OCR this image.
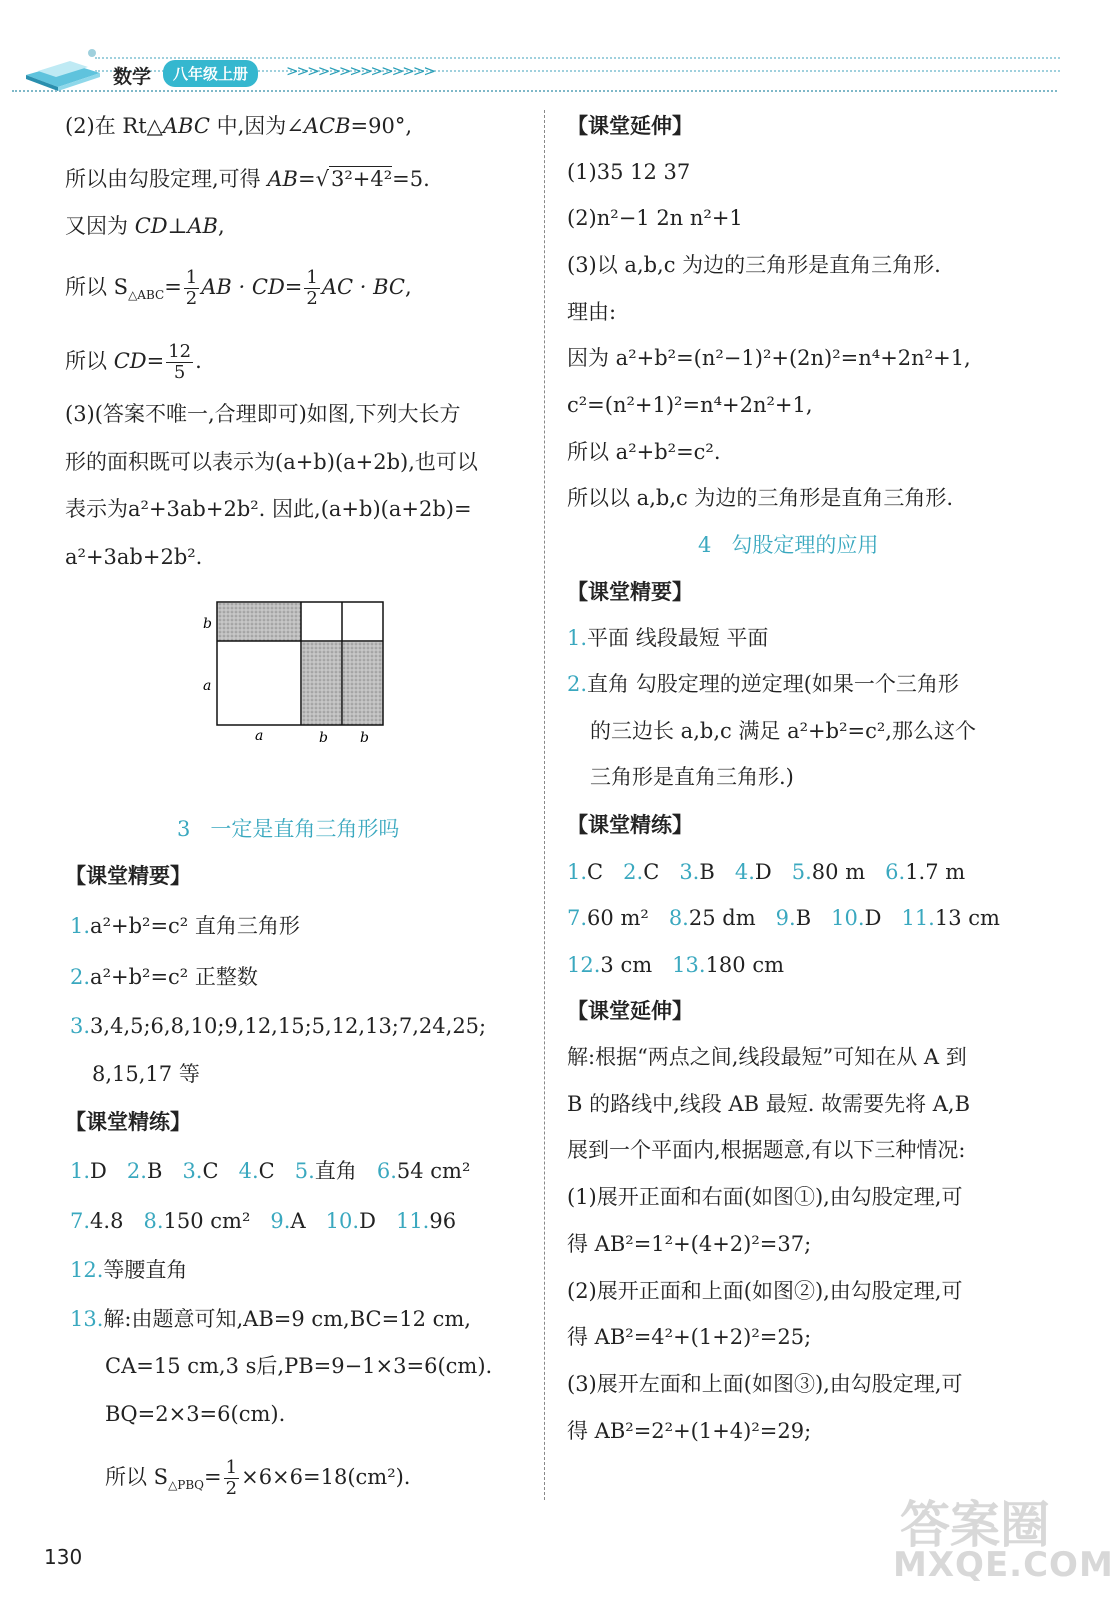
数学	八年级上册	>>>>>>>>>>>>>>
(2)在 Rt△ABC 中,因为∠ACB=90°,
所以由勾股定理,可得 AB=√3²+4²=5.
又因为 CD⊥AB,
所以 $S_{\triangle ABC}= \frac{1}{2}$ AB · $CD= \frac{1}{2}$ AC · BC,
所以 $CD= \frac{12}{5}$ .
(3)(答案不唯一,合理即可)如图,下列大长方
形的面积既可以表示为(a+b)(a+2b),也可以
表示为a²+3ab+2b². 因此,(a+b)(a+2b)=
a²+3ab+2b².
b
a
a	b b
3 一定是直角三角形吗
【课堂精要】
1.a²+b²=c² 直角三角形
2.a²+b²=c² 正整数
3.3,4,5;6,8,10;9,12,15;5,12,13;7,24,25;
8,15,17 等
【课堂精练】
1.D 2.B 3.C 4.C 5.直角 6.54 cm²
7.4.8 8.150 cm² 9.A 10.D 11.96
12.等腰直角
13.解:由题意可知,AB=9 cm,BC=12 cm,
CA=15 cm,3 s后,PB=9−1×3=6(cm).
BQ=2×3=6(cm).
所以 $S_{\triangle PBQ}= \frac{1}{2} \times 6\times 6=18(cm^2)$.
【课堂延伸】
(1)35 12 37
(2)n²−1 2n n²+1
(3)以 a,b,c 为边的三角形是直角三角形.
理由:
因为 a²+b²=(n²−1)²+(2n)²=n⁴+2n²+1,
c²=(n²+1)²=n⁴+2n²+1,
所以 a²+b²=c².
所以以 a,b,c 为边的三角形是直角三角形.
4 勾股定理的应用
【课堂精要】
1.平面 线段最短 平面
2.直角 勾股定理的逆定理(如果一个三角形
的三边长 a,b,c 满足 a²+b²=c²,那么这个
三角形是直角三角形.)
【课堂精练】
1.C 2.C 3.B 4.D 5.80 m 6.1.7 m
7.60 m² 8.25 dm 9.B 10.D 11.13 cm
12.3 cm 13.180 cm
【课堂延伸】
解:根据“两点之间,线段最短”可知在从 A 到
B 的路线中,线段 AB 最短. 故需要先将 A,B
展到一个平面内,根据题意,有以下三种情况:
(1)展开正面和右面(如图①),由勾股定理,可
得 AB²=1²+(4+2)²=37;
(2)展开正面和上面(如图②),由勾股定理,可
得 AB²=4²+(1+2)²=25;
(3)展开左面和上面(如图③),由勾股定理,可
得 AB²=2²+(1+4)²=29;
130
答案圈
MXQE.COM
